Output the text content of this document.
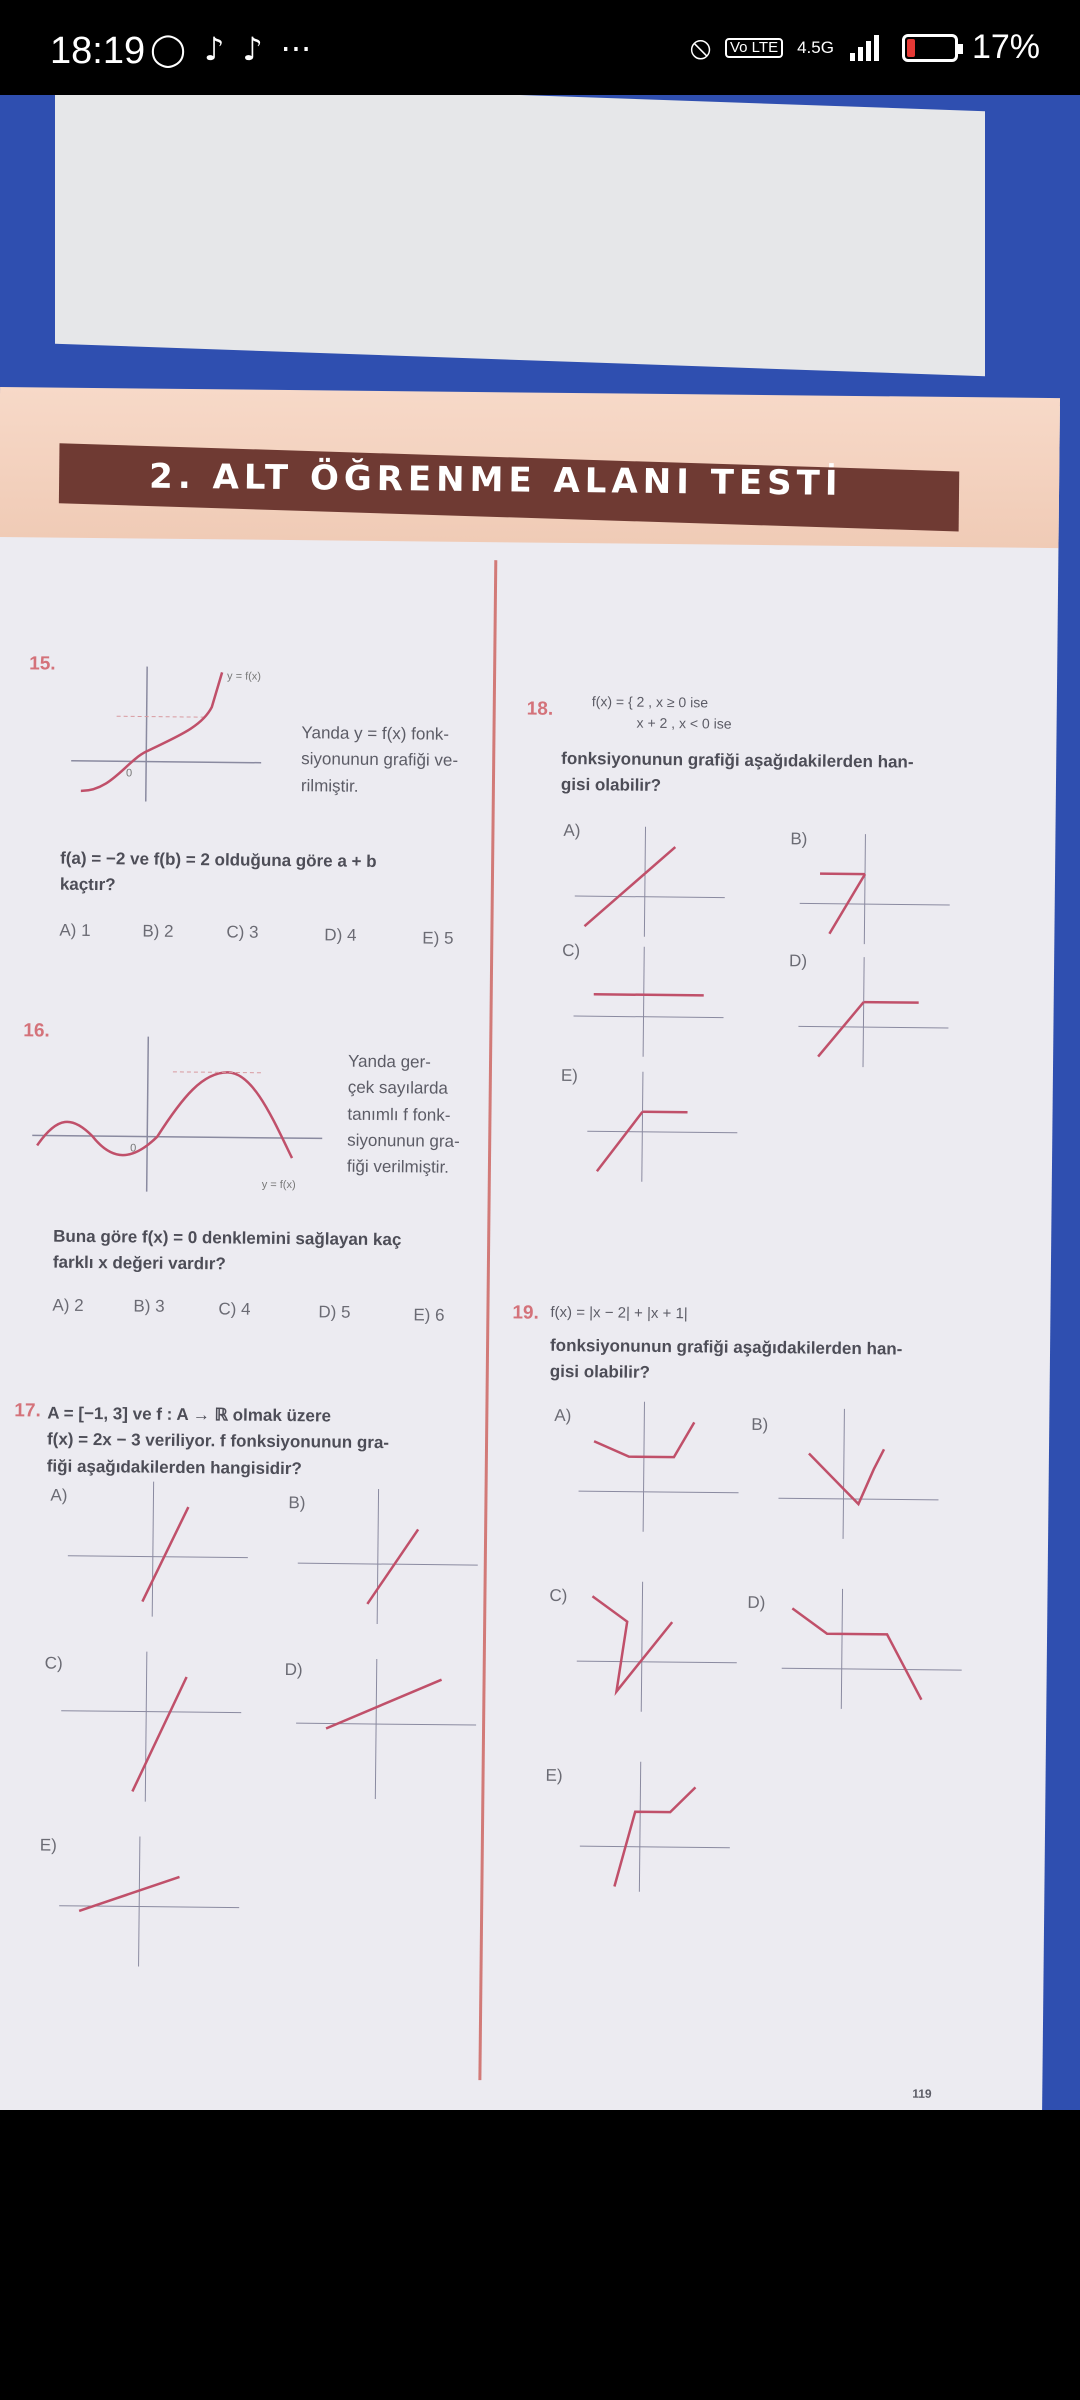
18:19 ◯ ♪ ♪ ···	⦸	Vo LTE 4.5G	17%
2. ALT ÖĞRENME ALANI TESTİ
15.
y = f(x)
0
Yanda y = f(x) fonk-
siyonunun grafiği ve-
rilmiştir.
f(a) = −2 ve f(b) = 2 olduğuna göre a + b
kaçtır?
A) 1	B) 2	C) 3	D) 4	E) 5
16.
y = f(x)
0
Yanda ger-
çek sayılarda
tanımlı f fonk-
siyonunun gra-
fiği verilmiştir.
Buna göre f(x) = 0 denklemini sağlayan kaç
farklı x değeri vardır?
A) 2	B) 3	C) 4	D) 5	E) 6
17. A = [−1, 3] ve f : A → ℝ olmak üzere
f(x) = 2x − 3 veriliyor. f fonksiyonunun gra-
fiği aşağıdakilerden hangisidir?
A)	B)
C)	D)
E)
18.	f(x) = { 2 , x ≥ 0 ise
x + 2 , x < 0 ise
fonksiyonunun grafiği aşağıdakilerden han-
gisi olabilir?
A)	B)
C)
D)
E)
19. f(x) = |x − 2| + |x + 1|
fonksiyonunun grafiği aşağıdakilerden han-
gisi olabilir?
A)	B)
C)	D)
E)
119
